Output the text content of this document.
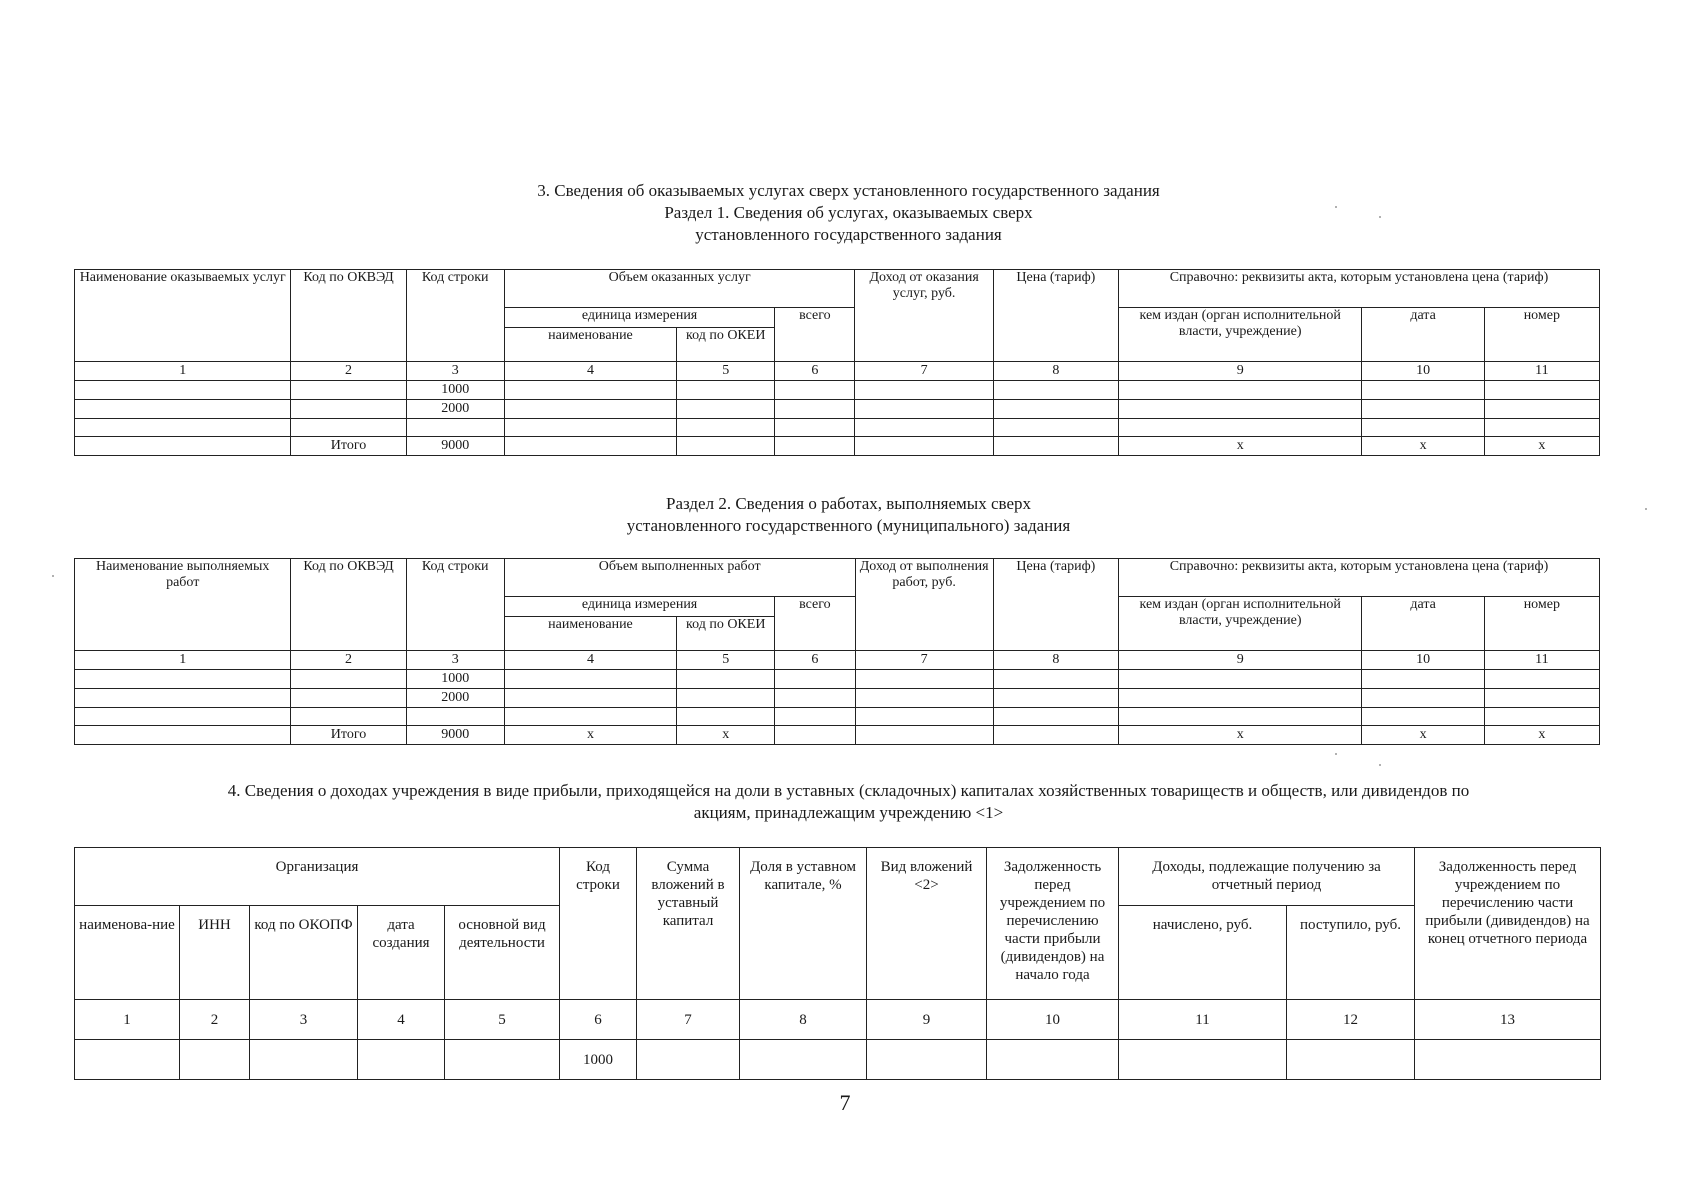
3. Сведения об оказываемых услугах сверх установленного государственного задания
Раздел 1. Сведения об услугах, оказываемых сверх
установленного государственного задания
Наименование оказываемых услуг	Код по ОКВЭД	Код строки	Объем оказанных услуг			Доход от оказания услуг, руб.	Цена (тариф)	Справочно: реквизиты акта, которым установлена цена (тариф)		
			единица измерения		всего			кем издан (орган исполнительной власти, учреждение)	дата	номер
			наименование	код по ОКЕИ						
1	2	3	4	5	6	7	8	9	10	11
		1000								
		2000								

	Итого	9000						x	x	x
Раздел 2. Сведения о работах, выполняемых сверх
установленного государственного (муниципального) задания
Наименование выполняемых работ	Код по ОКВЭД	Код строки	Объем выполненных работ			Доход от выполнения работ, руб.	Цена (тариф)	Справочно: реквизиты акта, которым установлена цена (тариф)		
			единица измерения		всего			кем издан (орган исполнительной власти, учреждение)	дата	номер
			наименование	код по ОКЕИ						
1	2	3	4	5	6	7	8	9	10	11
		1000								
		2000								

	Итого	9000	x	x				x	x	x
4. Сведения о доходах учреждения в виде прибыли, приходящейся на доли в уставных (складочных) капиталах хозяйственных товариществ и обществ, или дивидендов по
акциям, принадлежащим учреждению <1>
Организация					Код строки	Сумма вложений в уставный капитал	Доля в уставном капитале, %	Вид вложений <2>	Задолженность перед учреждением по перечислению части прибыли (дивидендов) на начало года	Доходы, подлежащие получению за отчетный период		Задолженность перед учреждением по перечислению части прибыли (дивидендов) на конец отчетного периода
наименова-ние	ИНН	код по ОКОПФ	дата создания	основной вид деятельности						начислено, руб.	поступило, руб.	
1	2	3	4	5	6	7	8	9	10	11	12	13
					1000							
7
